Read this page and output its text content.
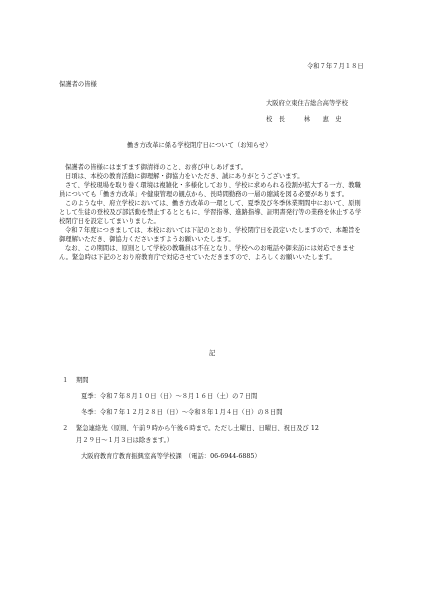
令和７年７月１８日
保護者の皆様
大阪府立東住吉総合高等学校
校　長　　　林　　恵　史
働き方改革に係る学校閉庁日について（お知らせ）

保護者の皆様にはますます御清祥のこと、お喜び申しあげます。

日頃は、本校の教育活動に御理解・御協力をいただき、誠にありがとうございます。

さて、学校現場を取り巻く環境は複雑化・多様化しており、学校に求められる役割が拡大する一方、教職員についても「働き方改革」や健康管理の観点から、長時間勤務の一層の縮減を図る必要があります。

このような中、府立学校においては、働き方改革の一環として、夏季及び冬季休業期間中において、原則として生徒の登校及び部活動を禁止するとともに、学習指導、進路指導、証明書発行等の業務を休止する学校閉庁日を設定してまいりました。

令和７年度につきましては、本校においては下記のとおり、学校閉庁日を設定いたしますので、本趣旨を御理解いただき、御協力くださいますようお願いいたします。

なお、この期間は、原則として学校の教職員は不在となり、学校へのお電話や御来訪には対応できません。緊急時は下記のとおり府教育庁で対応させていただきますので、よろしくお願いいたします。

記
１ 期間
夏季：令和７年８月１０日（日）～８月１６日（土）の７日間
冬季：令和７年１２月２８日（日）～令和８年１月４日（日）の８日間
２ 緊急連絡先（原則、午前９時から午後６時まで。ただし土曜日、日曜日、祝日及び 12
月２９日～１月３日は除きます。）
大阪府教育庁教育振興室高等学校課　（電話：06-6944-6885）
